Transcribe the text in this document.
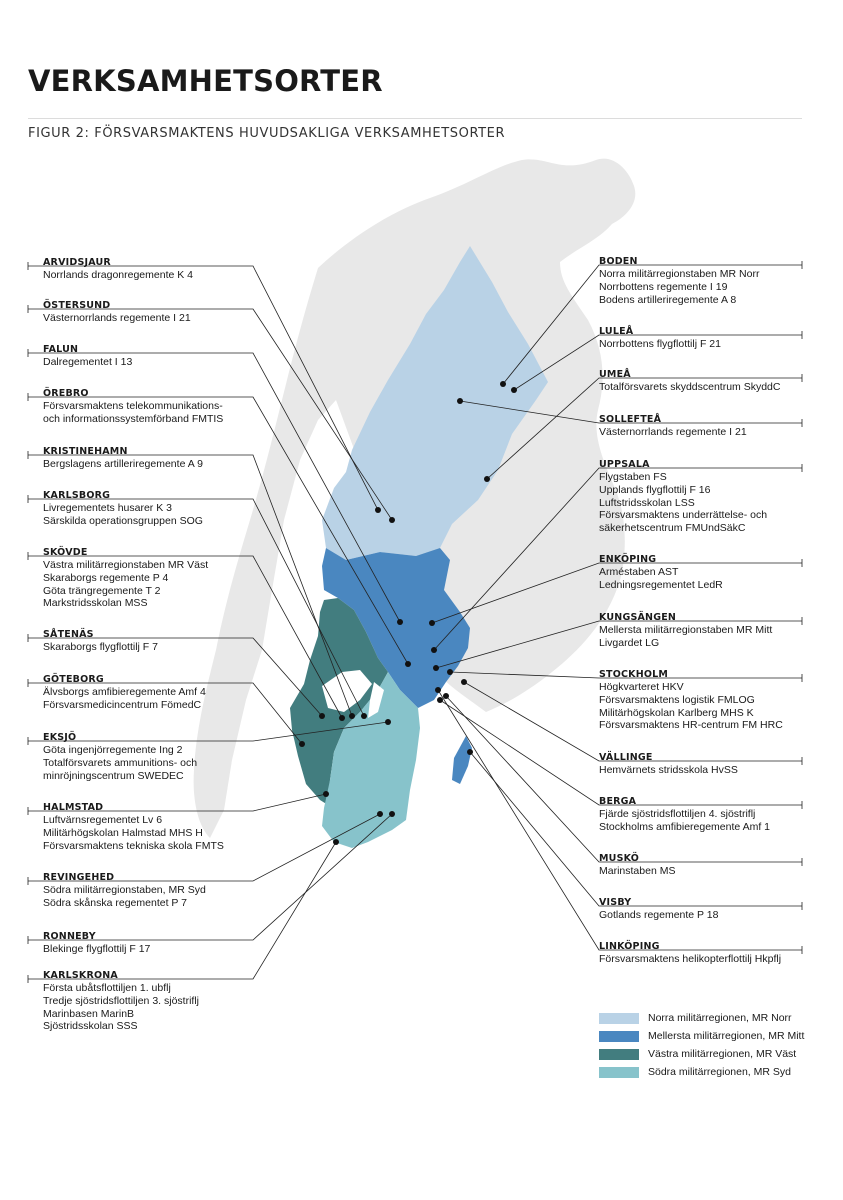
VERKSAMHETSORTER
FIGUR 2: FÖRSVARSMAKTENS HUVUDSAKLIGA VERKSAMHETSORTER
ARVIDSJAUR
Norrlands dragonregemente K 4
ÖSTERSUND
Västernorrlands regemente I 21
FALUN
Dalregementet I 13
ÖREBRO
Försvarsmaktens telekommunikations-
och informationssystemförband FMTIS
KRISTINEHAMN
Bergslagens artilleriregemente A 9
KARLSBORG
Livregementets husarer K 3
Särskilda operationsgruppen SOG
SKÖVDE
Västra militärregionstaben MR Väst
Skaraborgs regemente P 4
Göta trängregemente T 2
Markstridsskolan MSS
SÅTENÄS
Skaraborgs flygflottilj F 7
GÖTEBORG
Älvsborgs amfibieregemente Amf 4
Försvarsmedicincentrum FömedC
EKSJÖ
Göta ingenjörregemente Ing 2
Totalförsvarets ammunitions- och
minröjningscentrum SWEDEC
HALMSTAD
Luftvärnsregementet Lv 6
Militärhögskolan Halmstad MHS H
Försvarsmaktens tekniska skola FMTS
REVINGEHED
Södra militärregionstaben, MR Syd
Södra skånska regementet P 7
RONNEBY
Blekinge flygflottilj F 17
KARLSKRONA
Första ubåtsflottiljen 1. ubflj
Tredje sjöstridsflottiljen 3. sjöstriflj
Marinbasen MarinB
Sjöstridsskolan SSS
BODEN
Norra militärregionstaben MR Norr
Norrbottens regemente I 19
Bodens artilleriregemente A 8
LULEÅ
Norrbottens flygflottilj F 21
UMEÅ
Totalförsvarets skyddscentrum SkyddC
SOLLEFTEÅ
Västernorrlands regemente I 21
UPPSALA
Flygstaben FS
Upplands flygflottilj F 16
Luftstridsskolan LSS
Försvarsmaktens underrättelse- och
säkerhetscentrum FMUndSäkC
ENKÖPING
Arméstaben AST
Ledningsregementet LedR
KUNGSÄNGEN
Mellersta militärregionstaben MR Mitt
Livgardet LG
STOCKHOLM
Högkvarteret HKV
Försvarsmaktens logistik FMLOG
Militärhögskolan Karlberg MHS K
Försvarsmaktens HR-centrum FM HRC
VÄLLINGE
Hemvärnets stridsskola HvSS
BERGA
Fjärde sjöstridsflottiljen 4. sjöstriflj
Stockholms amfibieregemente Amf 1
MUSKÖ
Marinstaben MS
VISBY
Gotlands regemente P 18
LINKÖPING
Försvarsmaktens helikopterflottilj Hkpflj
Norra militärregionen, MR Norr
Mellersta militärregionen, MR Mitt
Västra militärregionen, MR Väst
Södra militärregionen, MR Syd
